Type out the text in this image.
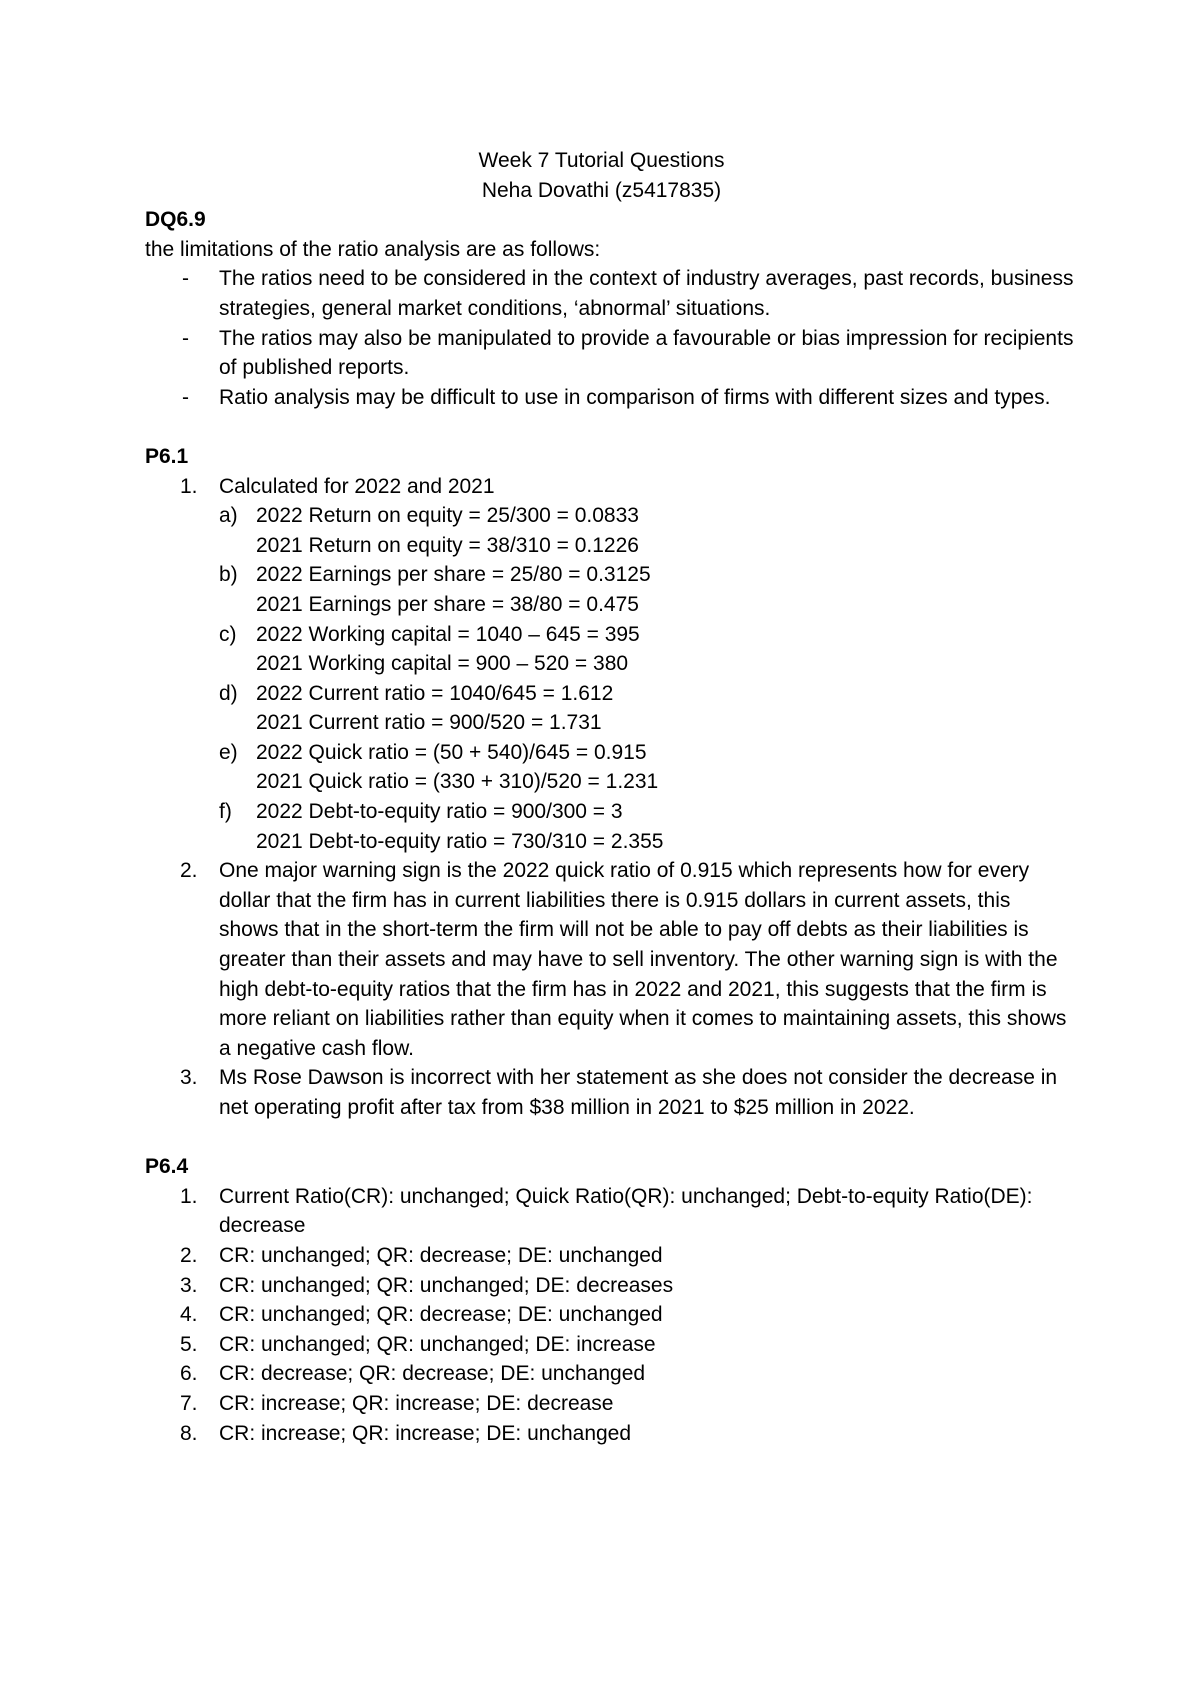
Week 7 Tutorial Questions
Neha Dovathi (z5417835)
DQ6.9
the limitations of the ratio analysis are as follows:
- The ratios need to be considered in the context of industry averages, past records, business strategies, general market conditions, ‘abnormal’ situations.
- The ratios may also be manipulated to provide a favourable or bias impression for recipients of published reports.
- Ratio analysis may be difficult to use in comparison of firms with different sizes and types.
P6.1
1. Calculated for 2022 and 2021
a) 2022 Return on equity = 25/300 = 0.0833
2021 Return on equity = 38/310 = 0.1226
b) 2022 Earnings per share = 25/80 = 0.3125
2021 Earnings per share = 38/80 = 0.475
c) 2022 Working capital = 1040 – 645 = 395
2021 Working capital = 900 – 520 = 380
d) 2022 Current ratio = 1040/645 = 1.612
2021 Current ratio = 900/520 = 1.731
e) 2022 Quick ratio = (50 + 540)/645 = 0.915
2021 Quick ratio = (330 + 310)/520 = 1.231
f) 2022 Debt-to-equity ratio = 900/300 = 3
2021 Debt-to-equity ratio = 730/310 = 2.355
2. One major warning sign is the 2022 quick ratio of 0.915 which represents how for every dollar that the firm has in current liabilities there is 0.915 dollars in current assets, this shows that in the short-term the firm will not be able to pay off debts as their liabilities is greater than their assets and may have to sell inventory. The other warning sign is with the high debt-to-equity ratios that the firm has in 2022 and 2021, this suggests that the firm is more reliant on liabilities rather than equity when it comes to maintaining assets, this shows a negative cash flow.
3. Ms Rose Dawson is incorrect with her statement as she does not consider the decrease in net operating profit after tax from $38 million in 2021 to $25 million in 2022.
P6.4
1. Current Ratio(CR): unchanged; Quick Ratio(QR): unchanged; Debt-to-equity Ratio(DE): decrease
2. CR: unchanged; QR: decrease; DE: unchanged
3. CR: unchanged; QR: unchanged; DE: decreases
4. CR: unchanged; QR: decrease; DE: unchanged
5. CR: unchanged; QR: unchanged; DE: increase
6. CR: decrease; QR: decrease; DE: unchanged
7. CR: increase; QR: increase; DE: decrease
8. CR: increase; QR: increase; DE: unchanged
